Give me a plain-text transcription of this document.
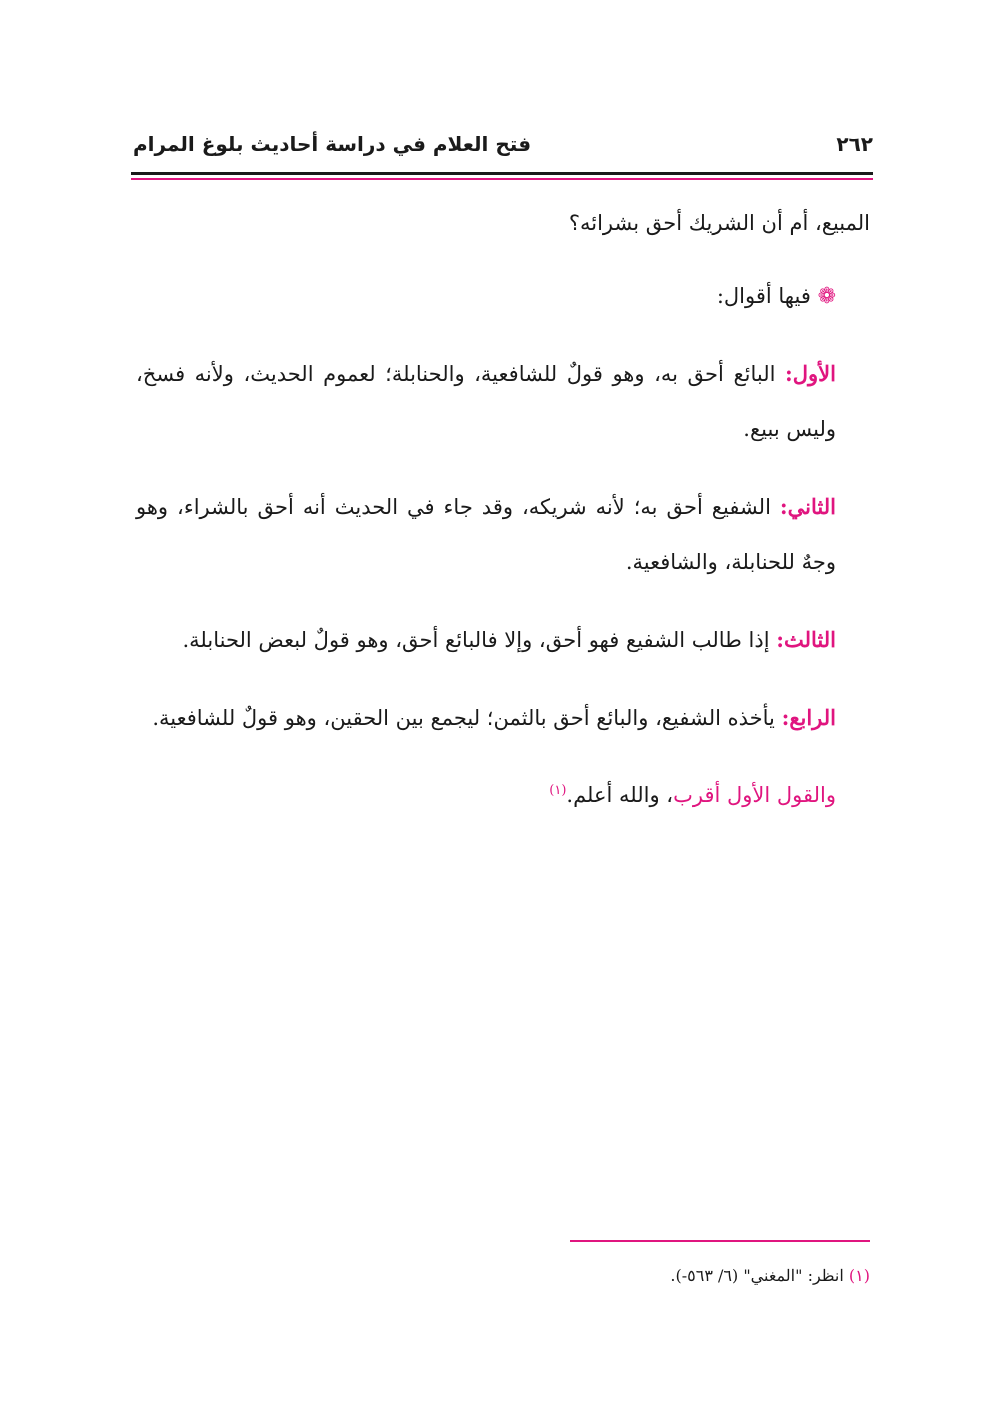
٢٦٢
فتح العلام في دراسة أحاديث بلوغ المرام

المبيع، أم أن الشريك أحق بشرائه؟

❁ فيها أقوال:

الأول: البائع أحق به، وهو قولٌ للشافعية، والحنابلة؛ لعموم الحديث، ولأنه فسخ، وليس ببيع.

الثاني: الشفيع أحق به؛ لأنه شريكه، وقد جاء في الحديث أنه أحق بالشراء، وهو وجهٌ للحنابلة، والشافعية.

الثالث: إذا طالب الشفيع فهو أحق، وإلا فالبائع أحق، وهو قولٌ لبعض الحنابلة.

الرابع: يأخذه الشفيع، والبائع أحق بالثمن؛ ليجمع بين الحقين، وهو قولٌ للشافعية.

والقول الأول أقرب، والله أعلم.$^{(١)}$

(١) انظر: "المغني" (٦/ ٥٦٣-).
